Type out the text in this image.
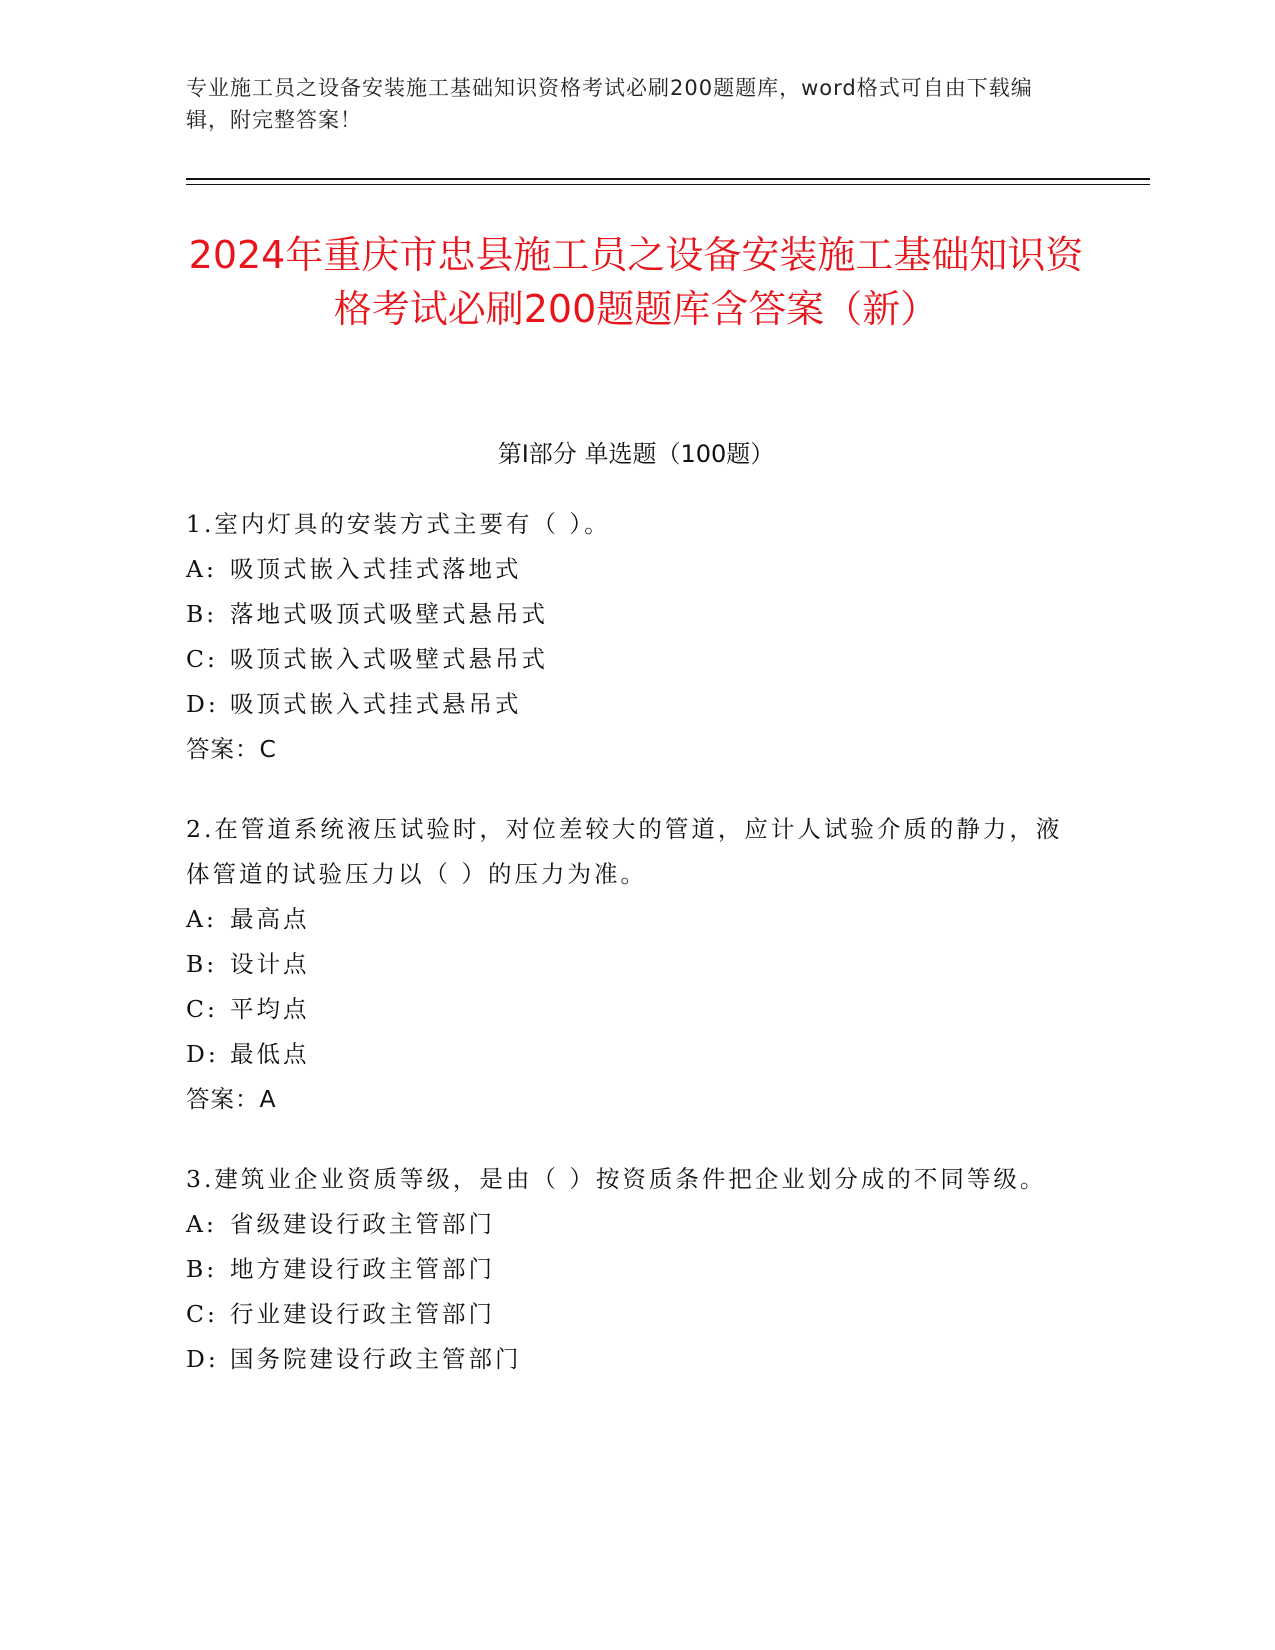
专业施工员之设备安装施工基础知识资格考试必刷200题题库，word格式可自由下载编辑，附完整答案！
2024年重庆市忠县施工员之设备安装施工基础知识资格考试必刷200题题库含答案（新）
第I部分 单选题（100题）
1.室内灯具的安装方式主要有（ ）。
A: 吸顶式嵌入式挂式落地式
B: 落地式吸顶式吸壁式悬吊式
C: 吸顶式嵌入式吸壁式悬吊式
D: 吸顶式嵌入式挂式悬吊式
答案：C
2.在管道系统液压试验时，对位差较大的管道，应计人试验介质的静力，液体管道的试验压力以（ ）的压力为准。
A: 最高点
B: 设计点
C: 平均点
D: 最低点
答案：A
3.建筑业企业资质等级，是由（ ）按资质条件把企业划分成的不同等级。
A: 省级建设行政主管部门
B: 地方建设行政主管部门
C: 行业建设行政主管部门
D: 国务院建设行政主管部门
